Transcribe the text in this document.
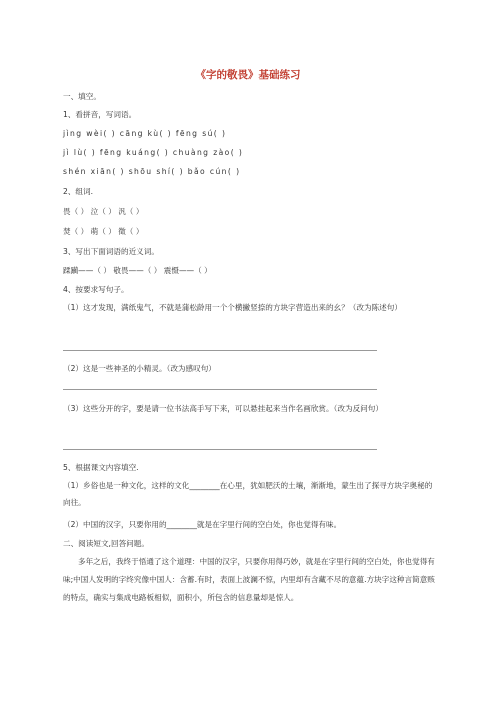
《字的敬畏》基础练习
一、填空。
1、看拼音，写词语。
jìng wèi( ) cāng kù( ) fēng sú( )
jì lù( ) fēng kuáng( ) chuàng zào( )
shén xiān( ) shōu shí( ) bǎo cún( )
2、组词.
畏（ ） 泣（ ） 汎（ ）
焚（ ） 萌（ ） 徵（ ）
3、写出下面词语的近义词。
蹂躏——（ ） 敬畏——（ ） 震慑——（ ）
4、按要求写句子。
（1）这才发现，满纸鬼气，不就是蒲松龄用一个个横撇竖捺的方块字营造出来的幺？（改为陈述句）
（2）这是一些神圣的小精灵。（改为感叹句）
（3）这些分开的字，要是请一位书法高手写下来，可以悬挂起来当作名画欣赏。（改为反问句）
5、根据课文内容填空.
（1）乡俗也是一种文化，这样的文化________在心里，犹如肥沃的土壤，渐渐地，蒙生出了探寻方块字奥秘的向往。
（2）中国的汉字，只要你用的________就是在字里行间的空白处，你也觉得有味。
二、阅读短文,回答问题。
多年之后，我终于悟通了这个道理：中国的汉字，只要你用得巧妙，就是在字里行间的空白处，你也觉得有味;中国人发明的字终究像中国人：含蓄.有时，表面上波澜不惊，内里却有含藏不尽的意蕴.方块字这种言简意赅的特点，确实与集成电路板相似，面积小，所包含的信息量却是惊人。
